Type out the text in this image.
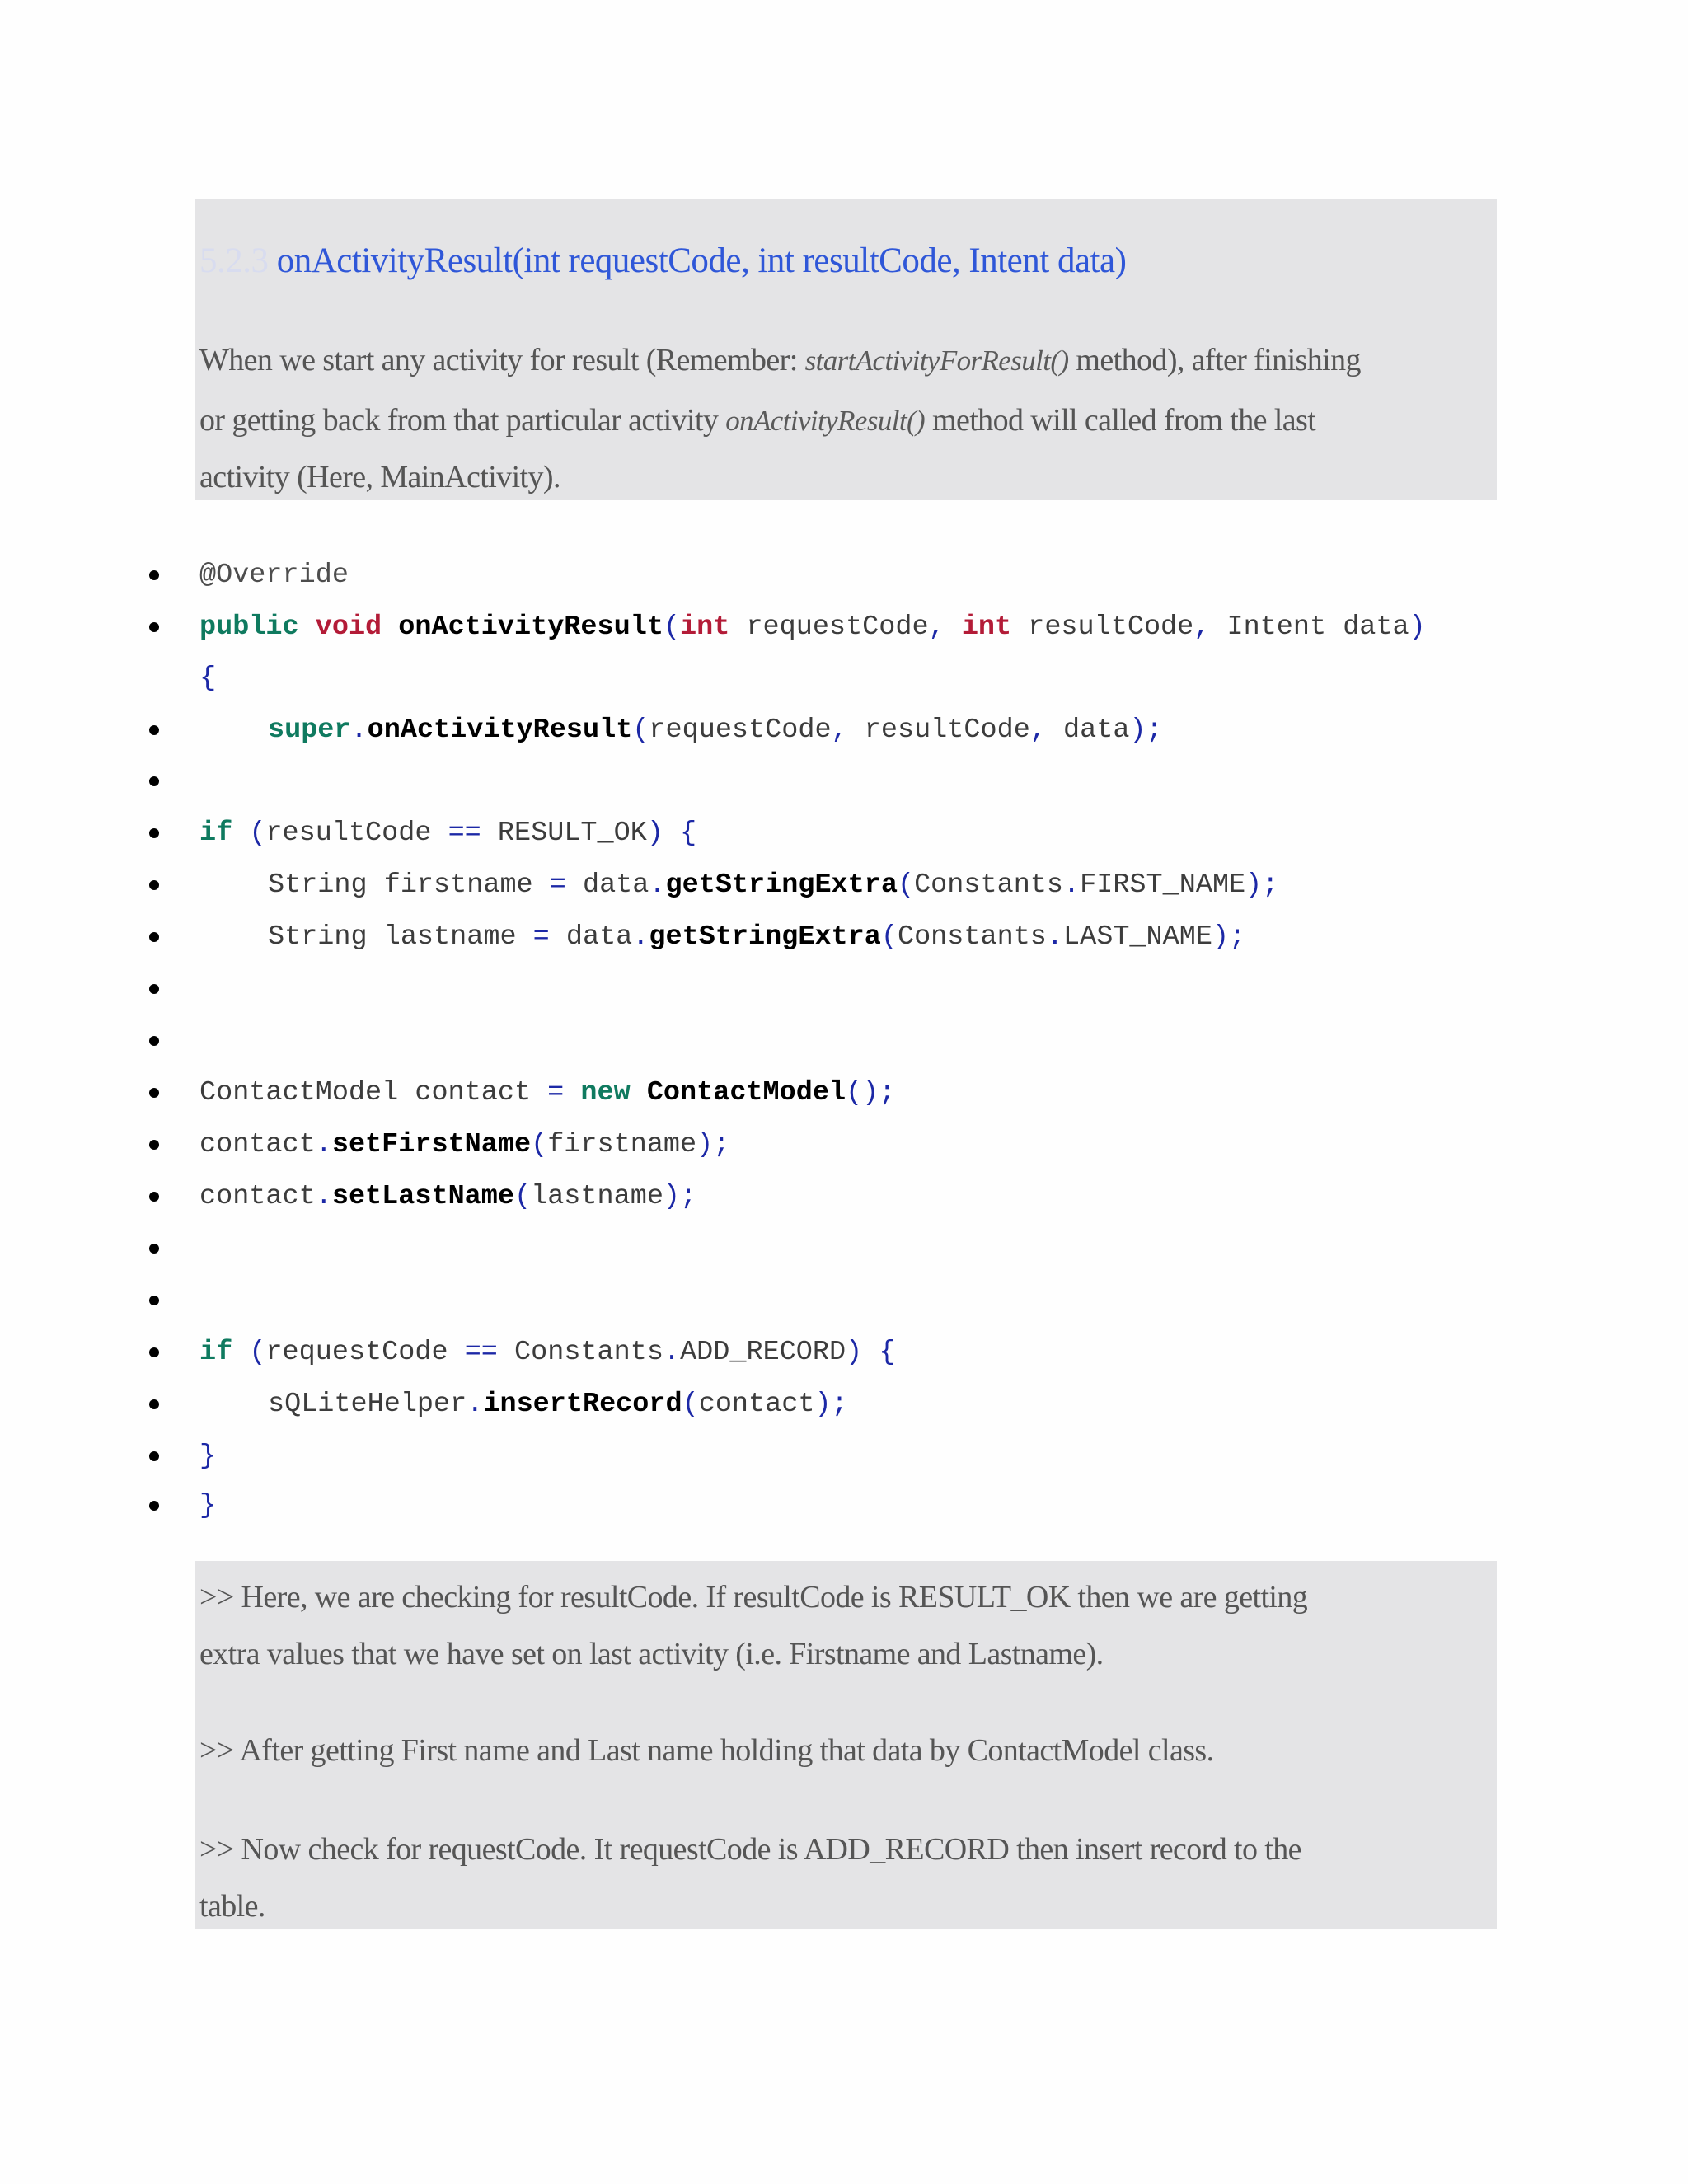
5.2.3 onActivityResult(int requestCode, int resultCode, Intent data)
When we start any activity for result (Remember: startActivityForResult() method), after finishing
or getting back from that particular activity onActivityResult() method will called from the last
activity (Here, MainActivity).
@Override
public void onActivityResult(int requestCode, int resultCode, Intent data)
{
super.onActivityResult(requestCode, resultCode, data);
if (resultCode == RESULT_OK) {
String firstname = data.getStringExtra(Constants.FIRST_NAME);
String lastname = data.getStringExtra(Constants.LAST_NAME);
ContactModel contact = new ContactModel();
contact.setFirstName(firstname);
contact.setLastName(lastname);
if (requestCode == Constants.ADD_RECORD) {
sQLiteHelper.insertRecord(contact);
}
}
>> Here, we are checking for resultCode. If resultCode is RESULT_OK then we are getting
extra values that we have set on last activity (i.e. Firstname and Lastname).
>> After getting First name and Last name holding that data by ContactModel class.
>> Now check for requestCode. It requestCode is ADD_RECORD then insert record to the
table.
